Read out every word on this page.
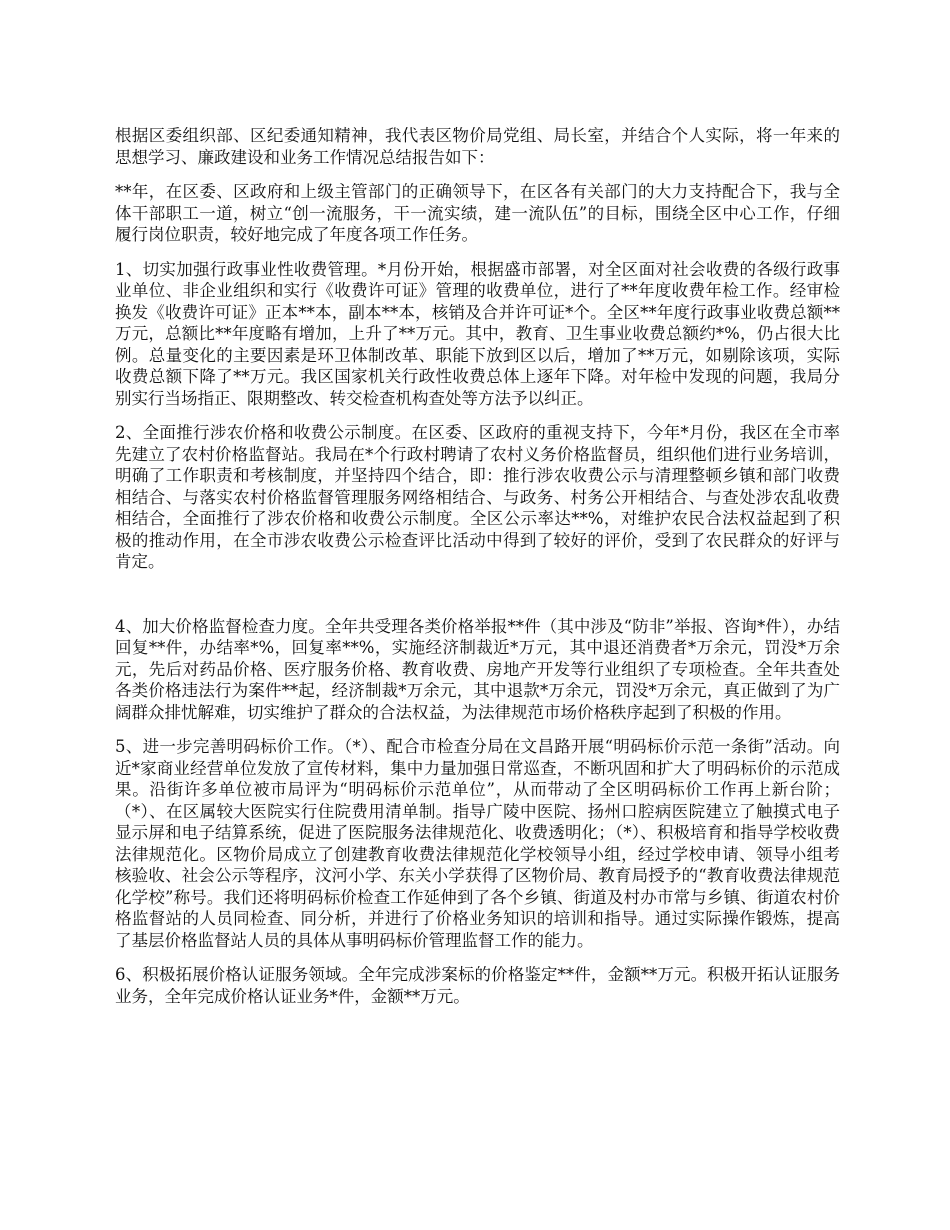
根据区委组织部、区纪委通知精神，我代表区物价局党组、局长室，并结合个人实际，将一年来的思想学习、廉政建设和业务工作情况总结报告如下：

**年，在区委、区政府和上级主管部门的正确领导下，在区各有关部门的大力支持配合下，我与全体干部职工一道，树立“创一流服务，干一流实绩，建一流队伍”的目标，围绕全区中心工作，仔细履行岗位职责，较好地完成了年度各项工作任务。

1、切实加强行政事业性收费管理。*月份开始，根据盛市部署，对全区面对社会收费的各级行政事业单位、非企业组织和实行《收费许可证》管理的收费单位，进行了**年度收费年检工作。经审检换发《收费许可证》正本**本，副本**本，核销及合并许可证*个。全区**年度行政事业收费总额**万元，总额比**年度略有增加，上升了**万元。其中，教育、卫生事业收费总额约*%，仍占很大比例。总量变化的主要因素是环卫体制改革、职能下放到区以后，增加了**万元，如剔除该项，实际收费总额下降了**万元。我区国家机关行政性收费总体上逐年下降。对年检中发现的问题，我局分别实行当场指正、限期整改、转交检查机构查处等方法予以纠正。

2、全面推行涉农价格和收费公示制度。在区委、区政府的重视支持下，今年*月份，我区在全市率先建立了农村价格监督站。我局在*个行政村聘请了农村义务价格监督员，组织他们进行业务培训，明确了工作职责和考核制度，并坚持四个结合，即：推行涉农收费公示与清理整顿乡镇和部门收费相结合、与落实农村价格监督管理服务网络相结合、与政务、村务公开相结合、与查处涉农乱收费相结合，全面推行了涉农价格和收费公示制度。全区公示率达**%，对维护农民合法权益起到了积极的推动作用，在全市涉农收费公示检查评比活动中得到了较好的评价，受到了农民群众的好评与肯定。

4、加大价格监督检查力度。全年共受理各类价格举报**件（其中涉及“防非”举报、咨询*件），办结回复**件，办结率*%，回复率**%，实施经济制裁近*万元，其中退还消费者*万余元，罚没*万余元，先后对药品价格、医疗服务价格、教育收费、房地产开发等行业组织了专项检查。全年共查处各类价格违法行为案件**起，经济制裁*万余元，其中退款*万余元，罚没*万余元，真正做到了为广阔群众排忧解难，切实维护了群众的合法权益，为法律规范市场价格秩序起到了积极的作用。

5、进一步完善明码标价工作。（*）、配合市检查分局在文昌路开展“明码标价示范一条街”活动。向近*家商业经营单位发放了宣传材料，集中力量加强日常巡查，不断巩固和扩大了明码标价的示范成果。沿街许多单位被市局评为“明码标价示范单位”，从而带动了全区明码标价工作再上新台阶；（*）、在区属较大医院实行住院费用清单制。指导广陵中医院、扬州口腔病医院建立了触摸式电子显示屏和电子结算系统，促进了医院服务法律规范化、收费透明化；（*）、积极培育和指导学校收费法律规范化。区物价局成立了创建教育收费法律规范化学校领导小组，经过学校申请、领导小组考核验收、社会公示等程序，汶河小学、东关小学获得了区物价局、教育局授予的“教育收费法律规范化学校”称号。我们还将明码标价检查工作延伸到了各个乡镇、街道及村办市常与乡镇、街道农村价格监督站的人员同检查、同分析，并进行了价格业务知识的培训和指导。通过实际操作锻炼，提高了基层价格监督站人员的具体从事明码标价管理监督工作的能力。

6、积极拓展价格认证服务领域。全年完成涉案标的价格鉴定**件，金额**万元。积极开拓认证服务业务，全年完成价格认证业务*件，金额**万元。
